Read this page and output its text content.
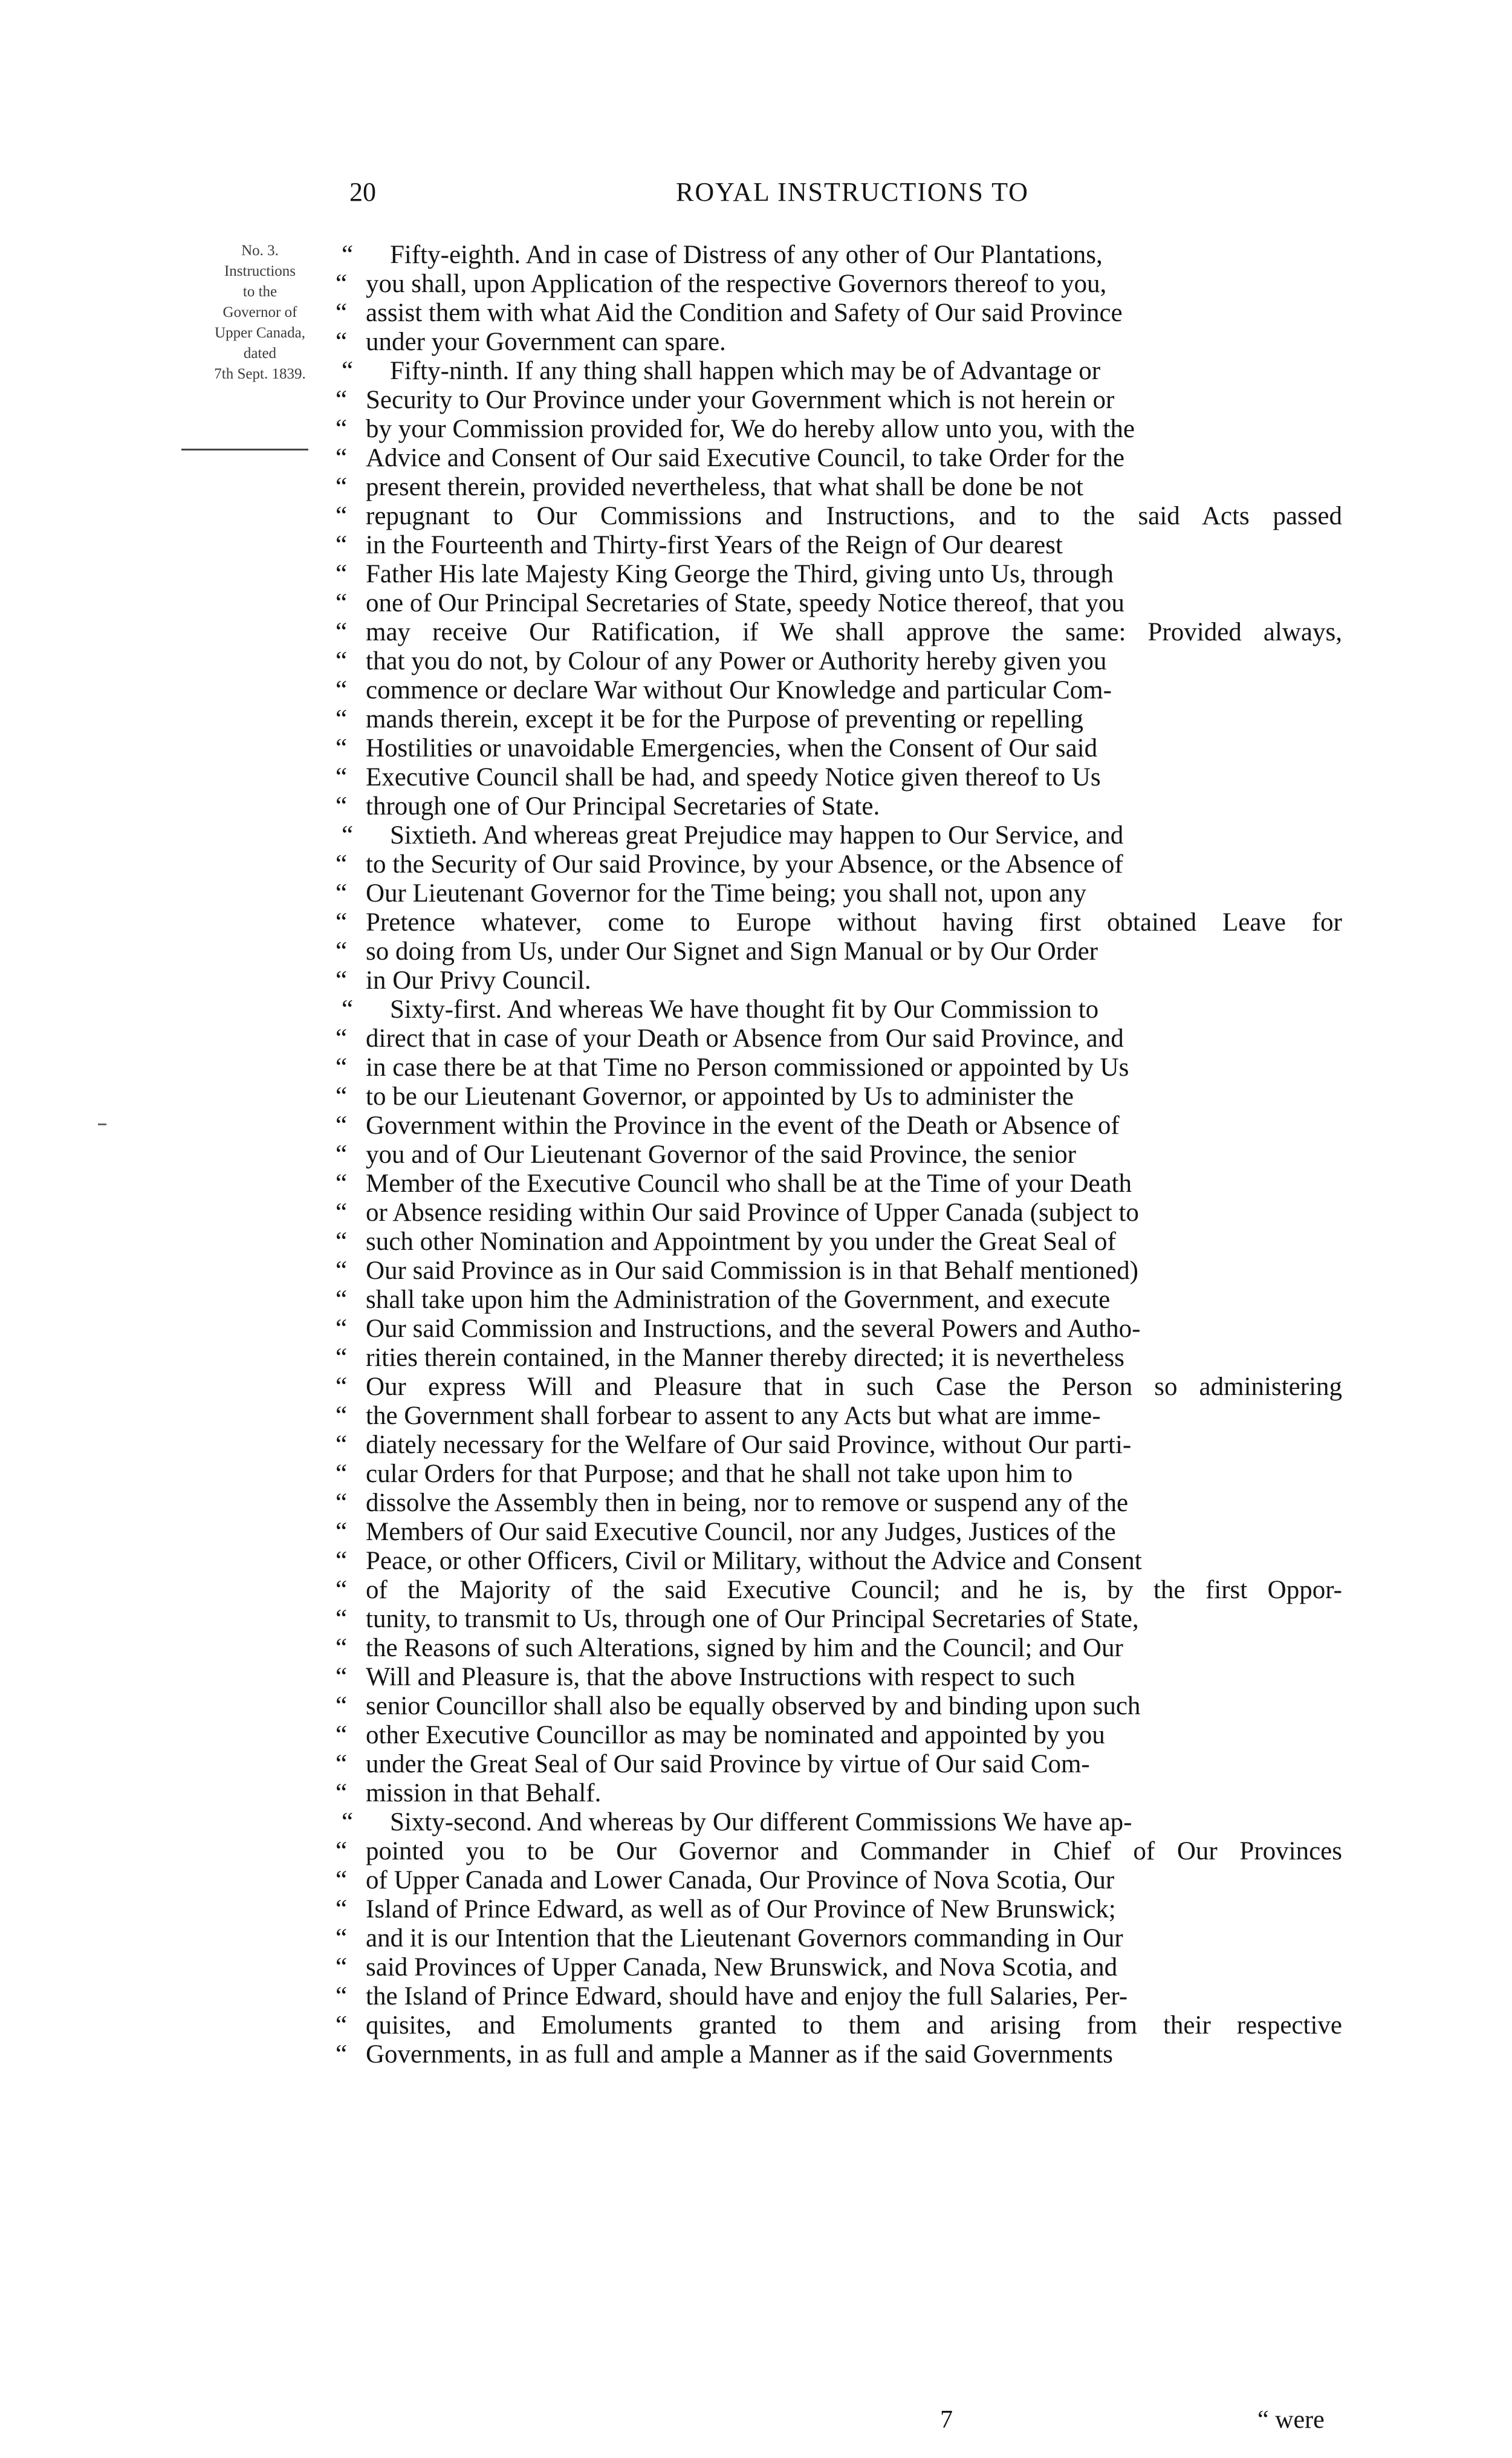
20	ROYAL INSTRUCTIONS TO
No. 3.
Instructions
to the
Governor of
Upper Canada,
dated
7th Sept. 1839.
“	Fifty-eighth. And in case of Distress of any other of Our Plantations,
“ you shall, upon Application of the respective Governors thereof to you,
“ assist them with what Aid the Condition and Safety of Our said Province
“ under your Government can spare.
“	Fifty-ninth. If any thing shall happen which may be of Advantage or
“ Security to Our Province under your Government which is not herein or
“ by your Commission provided for, We do hereby allow unto you, with the
“ Advice and Consent of Our said Executive Council, to take Order for the
“ present therein, provided nevertheless, that what shall be done be not
“ repugnant to Our Commissions and Instructions, and to the said Acts passed
“ in the Fourteenth and Thirty-first Years of the Reign of Our dearest
“ Father His late Majesty King George the Third, giving unto Us, through
“ one of Our Principal Secretaries of State, speedy Notice thereof, that you
“ may receive Our Ratification, if We shall approve the same: Provided always,
“ that you do not, by Colour of any Power or Authority hereby given you
“ commence or declare War without Our Knowledge and particular Com-
“ mands therein, except it be for the Purpose of preventing or repelling
“ Hostilities or unavoidable Emergencies, when the Consent of Our said
“ Executive Council shall be had, and speedy Notice given thereof to Us
“ through one of Our Principal Secretaries of State.
“	Sixtieth. And whereas great Prejudice may happen to Our Service, and
“ to the Security of Our said Province, by your Absence, or the Absence of
“ Our Lieutenant Governor for the Time being; you shall not, upon any
“ Pretence whatever, come to Europe without having first obtained Leave for
“ so doing from Us, under Our Signet and Sign Manual or by Our Order
“ in Our Privy Council.
“	Sixty-first. And whereas We have thought fit by Our Commission to
“ direct that in case of your Death or Absence from Our said Province, and
“ in case there be at that Time no Person commissioned or appointed by Us
“ to be our Lieutenant Governor, or appointed by Us to administer the
“ Government within the Province in the event of the Death or Absence of
“ you and of Our Lieutenant Governor of the said Province, the senior
“ Member of the Executive Council who shall be at the Time of your Death
“ or Absence residing within Our said Province of Upper Canada (subject to
“ such other Nomination and Appointment by you under the Great Seal of
“ Our said Province as in Our said Commission is in that Behalf mentioned)
“ shall take upon him the Administration of the Government, and execute
“ Our said Commission and Instructions, and the several Powers and Autho-
“ rities therein contained, in the Manner thereby directed; it is nevertheless
“ Our express Will and Pleasure that in such Case the Person so administering
“ the Government shall forbear to assent to any Acts but what are imme-
“ diately necessary for the Welfare of Our said Province, without Our parti-
“ cular Orders for that Purpose; and that he shall not take upon him to
“ dissolve the Assembly then in being, nor to remove or suspend any of the
“ Members of Our said Executive Council, nor any Judges, Justices of the
“ Peace, or other Officers, Civil or Military, without the Advice and Consent
“ of the Majority of the said Executive Council; and he is, by the first Oppor-
“ tunity, to transmit to Us, through one of Our Principal Secretaries of State,
“ the Reasons of such Alterations, signed by him and the Council; and Our
“ Will and Pleasure is, that the above Instructions with respect to such
“ senior Councillor shall also be equally observed by and binding upon such
“ other Executive Councillor as may be nominated and appointed by you
“ under the Great Seal of Our said Province by virtue of Our said Com-
“ mission in that Behalf.
“	Sixty-second. And whereas by Our different Commissions We have ap-
“ pointed you to be Our Governor and Commander in Chief of Our Provinces
“ of Upper Canada and Lower Canada, Our Province of Nova Scotia, Our
“ Island of Prince Edward, as well as of Our Province of New Brunswick;
“ and it is our Intention that the Lieutenant Governors commanding in Our
“ said Provinces of Upper Canada, New Brunswick, and Nova Scotia, and
“ the Island of Prince Edward, should have and enjoy the full Salaries, Per-
“ quisites, and Emoluments granted to them and arising from their respective
“ Governments, in as full and ample a Manner as if the said Governments
7	“ were
